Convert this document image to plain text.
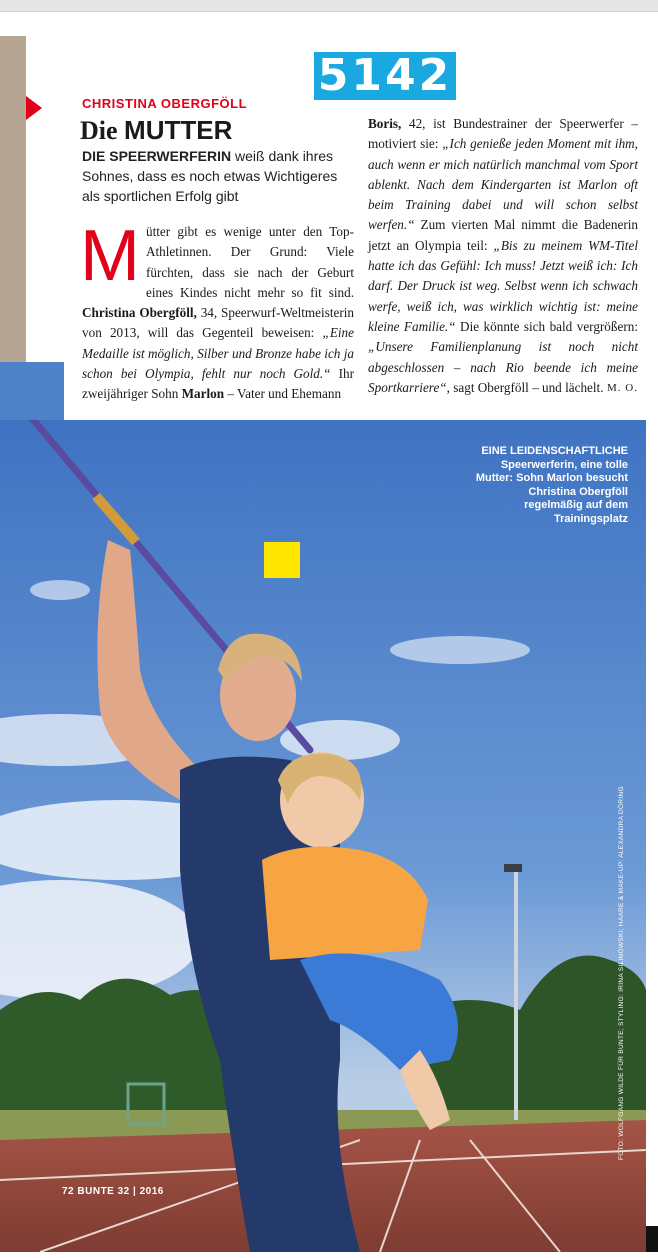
5142
CHRISTINA OBERGFÖLL
Die MUTTER
DIE SPEERWERFERIN weiß dank ihres Sohnes, dass es noch etwas Wichtigeres als sportlichen Erfolg gibt
Mütter gibt es wenige unter den Top-Athletinnen. Der Grund: Viele fürchten, dass sie nach der Geburt eines Kindes nicht mehr so fit sind. Christina Obergföll, 34, Speerwurf-Weltmeisterin von 2013, will das Gegenteil beweisen: „Eine Medaille ist möglich, Silber und Bronze habe ich ja schon bei Olympia, fehlt nur noch Gold.“ Ihr zweijähriger Sohn Marlon – Vater und Ehemann
Boris, 42, ist Bundestrainer der Speerwerfer – motiviert sie: „Ich genieße jeden Moment mit ihm, auch wenn er mich natürlich manchmal vom Sport ablenkt. Nach dem Kindergarten ist Marlon oft beim Training dabei und will schon selbst werfen.“ Zum vierten Mal nimmt die Badenerin jetzt an Olympia teil: „Bis zu meinem WM-Titel hatte ich das Gefühl: Ich muss! Jetzt weiß ich: Ich darf. Der Druck ist weg. Selbst wenn ich schwach werfe, weiß ich, was wirklich wichtig ist: meine kleine Familie.“ Die könnte sich bald vergrößern: „Unsere Familienplanung ist noch nicht abgeschlossen – nach Rio beende ich meine Sportkarriere“, sagt Obergföll – und lächelt. M. O.
EINE LEIDENSCHAFTLICHE
Speerwerferin, eine tolle Mutter: Sohn Marlon besucht Christina Obergföll regelmäßig auf dem Trainingsplatz
FOTO: WOLFGANG WILDE FÜR BUNTE; STYLING: IRINA SILINOWSKI; HAARE & MAKE-UP: ALEXANDRA DÖRING
72 BUNTE 32 | 2016
